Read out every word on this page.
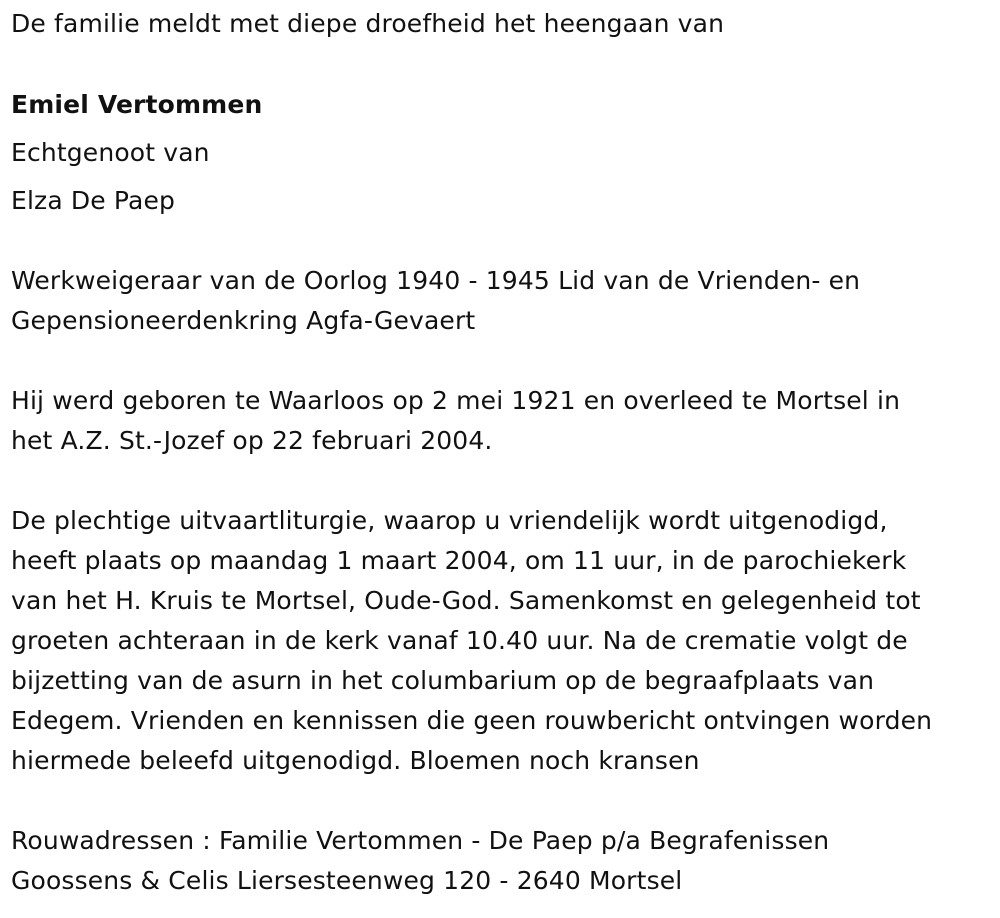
De familie meldt met diepe droefheid het heengaan van
Emiel Vertommen
Echtgenoot van
Elza De Paep
Werkweigeraar van de Oorlog 1940 - 1945 Lid van de Vrienden- en
Gepensioneerdenkring Agfa-Gevaert
Hij werd geboren te Waarloos op 2 mei 1921 en overleed te Mortsel in
het A.Z. St.-Jozef op 22 februari 2004.
De plechtige uitvaartliturgie, waarop u vriendelijk wordt uitgenodigd,
heeft plaats op maandag 1 maart 2004, om 11 uur, in de parochiekerk
van het H. Kruis te Mortsel, Oude-God. Samenkomst en gelegenheid tot
groeten achteraan in de kerk vanaf 10.40 uur. Na de crematie volgt de
bijzetting van de asurn in het columbarium op de begraafplaats van
Edegem. Vrienden en kennissen die geen rouwbericht ontvingen worden
hiermede beleefd uitgenodigd. Bloemen noch kransen
Rouwadressen : Familie Vertommen - De Paep p/a Begrafenissen
Goossens & Celis Liersesteenweg 120 - 2640 Mortsel
